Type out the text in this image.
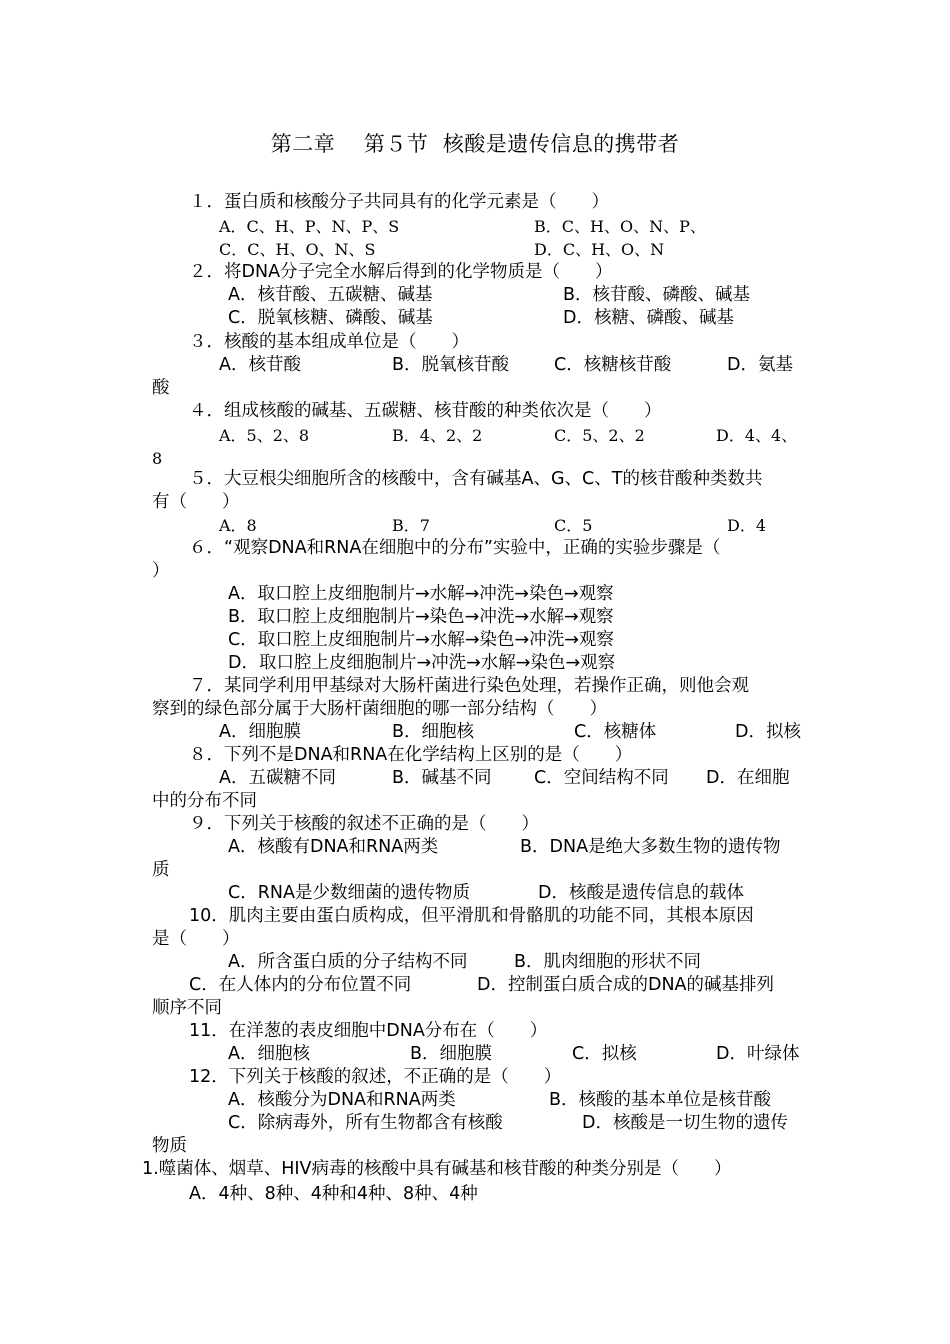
第二章　 第５节  核酸是遗传信息的携带者
１．蛋白质和核酸分子共同具有的化学元素是（　　）
A．C、H、P、N、P、S	B．C、H、O、N、P、
C．C、H、O、N、S	D．C、H、O、N
２．将DNA分子完全水解后得到的化学物质是（　　）
A．核苷酸、五碳糖、碱基	B．核苷酸、磷酸、碱基
C．脱氧核糖、磷酸、碱基	D．核糖、磷酸、碱基
３．核酸的基本组成单位是（　　）
A．核苷酸	B．脱氧核苷酸	C．核糖核苷酸	D．氨基
酸
４．组成核酸的碱基、五碳糖、核苷酸的种类依次是（　　）
A．5、2、8	B．4、2、2	C．5、2、2	D．4、4、
8
５．大豆根尖细胞所含的核酸中，含有碱基A、G、C、T的核苷酸种类数共
有（　　）
A．8	B．7	C．5	D．4
６．“观察DNA和RNA在细胞中的分布”实验中，正确的实验步骤是（
）
A．取口腔上皮细胞制片→水解→冲洗→染色→观察
B．取口腔上皮细胞制片→染色→冲洗→水解→观察
C．取口腔上皮细胞制片→水解→染色→冲洗→观察
D．取口腔上皮细胞制片→冲洗→水解→染色→观察
７．某同学利用甲基绿对大肠杆菌进行染色处理，若操作正确，则他会观
察到的绿色部分属于大肠杆菌细胞的哪一部分结构（　　）
A．细胞膜	B．细胞核	C．核糖体	D．拟核
８．下列不是DNA和RNA在化学结构上区别的是（　　）
A．五碳糖不同	B．碱基不同 C．空间结构不同 D．在细胞
中的分布不同
９．下列关于核酸的叙述不正确的是（　　）
A．核酸有DNA和RNA两类	B．DNA是绝大多数生物的遗传物
质
C．RNA是少数细菌的遗传物质	D．核酸是遗传信息的载体
10．肌肉主要由蛋白质构成，但平滑肌和骨骼肌的功能不同，其根本原因
是（　　）
A．所含蛋白质的分子结构不同	B．肌肉细胞的形状不同
C．在人体内的分布位置不同	D．控制蛋白质合成的DNA的碱基排列
顺序不同
11．在洋葱的表皮细胞中DNA分布在（　　）
A．细胞核	B．细胞膜	C．拟核	D．叶绿体
12．下列关于核酸的叙述，不正确的是（　　）
A．核酸分为DNA和RNA两类	B．核酸的基本单位是核苷酸
C．除病毒外，所有生物都含有核酸	D．核酸是一切生物的遗传
物质
1.噬菌体、烟草、HIV病毒的核酸中具有碱基和核苷酸的种类分别是（　　）
A．4种、8种、4种和4种、8种、4种
